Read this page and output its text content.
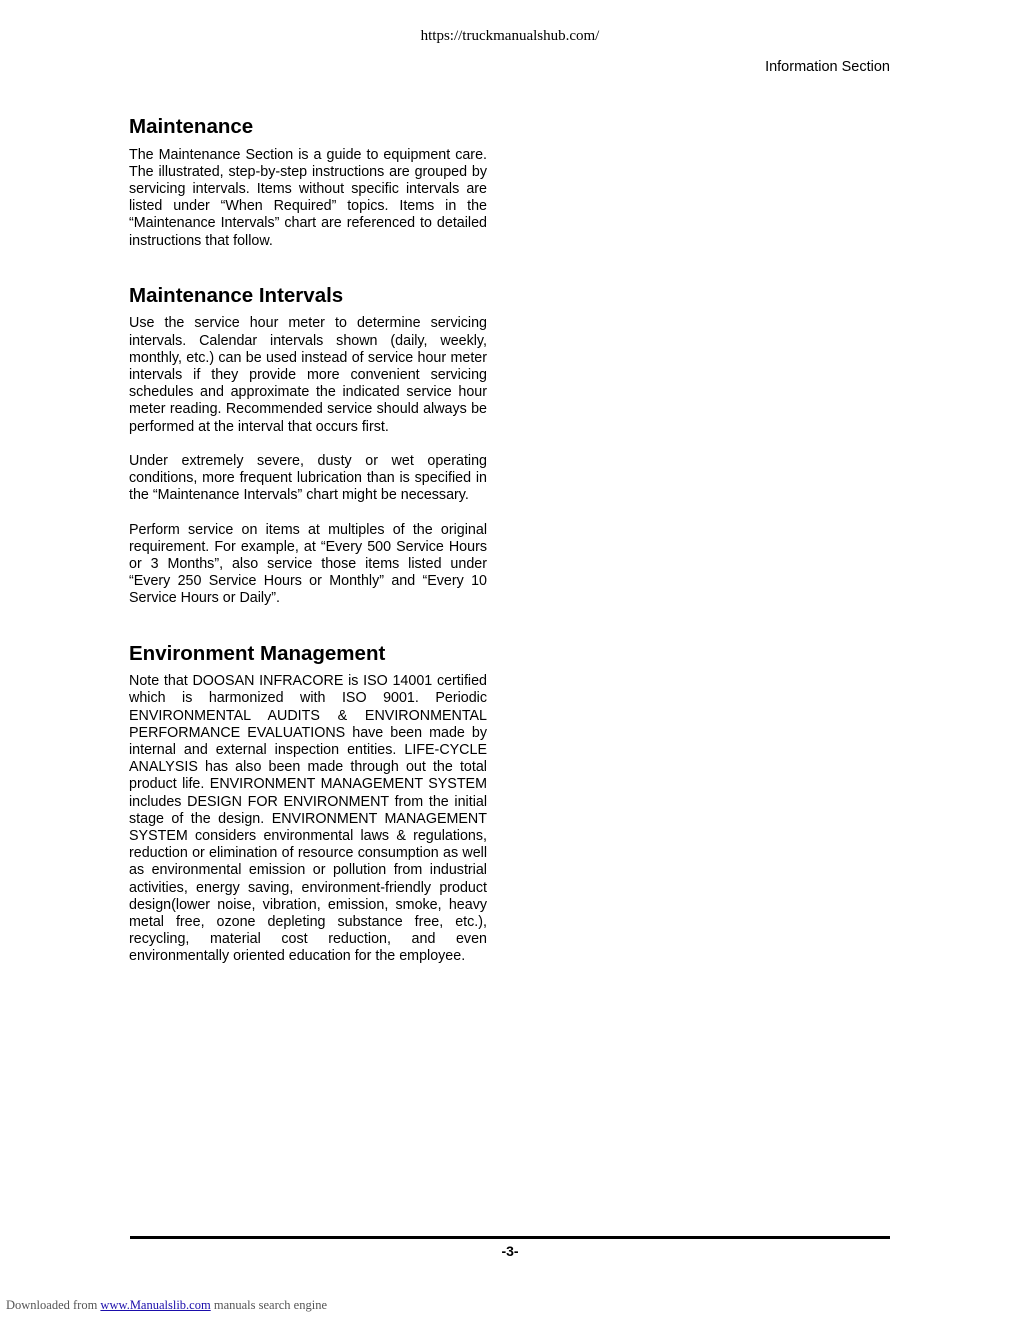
https://truckmanualshub.com/
Information Section
Maintenance

The Maintenance Section is a guide to equipment care. The illustrated, step-by-step instructions are grouped by servicing intervals. Items without specific intervals are listed under “When Required” topics. Items in the “Maintenance Intervals” chart are referenced to detailed instructions that follow.

Maintenance Intervals

Use the service hour meter to determine servicing intervals. Calendar intervals shown (daily, weekly, monthly, etc.) can be used instead of service hour meter intervals if they provide more convenient servicing schedules and approximate the indicated service hour meter reading. Recommended service should always be performed at the interval that occurs first.

Under extremely severe, dusty or wet operating conditions, more frequent lubrication than is specified in the “Maintenance Intervals” chart might be necessary.

Perform service on items at multiples of the original requirement. For example, at “Every 500 Service Hours or 3 Months”, also service those items listed under “Every 250 Service Hours or Monthly” and “Every 10 Service Hours or Daily”.

Environment Management

Note that DOOSAN INFRACORE is ISO 14001 certified which is harmonized with ISO 9001. Periodic ENVIRONMENTAL AUDITS & ENVIRONMENTAL PERFORMANCE EVALUATIONS have been made by internal and external inspection entities. LIFE-CYCLE ANALYSIS has also been made through out the total product life. ENVIRONMENT MANAGEMENT SYSTEM includes DESIGN FOR ENVIRONMENT from the initial stage of the design. ENVIRONMENT MANAGEMENT SYSTEM considers environmental laws & regulations, reduction or elimination of resource consumption as well as environmental emission or pollution from industrial activities, energy saving, environment-friendly product design(lower noise, vibration, emission, smoke, heavy metal free, ozone depleting substance free, etc.), recycling, material cost reduction, and even environmentally oriented education for the employee.

-3-
Downloaded from www.Manualslib.com manuals search engine
